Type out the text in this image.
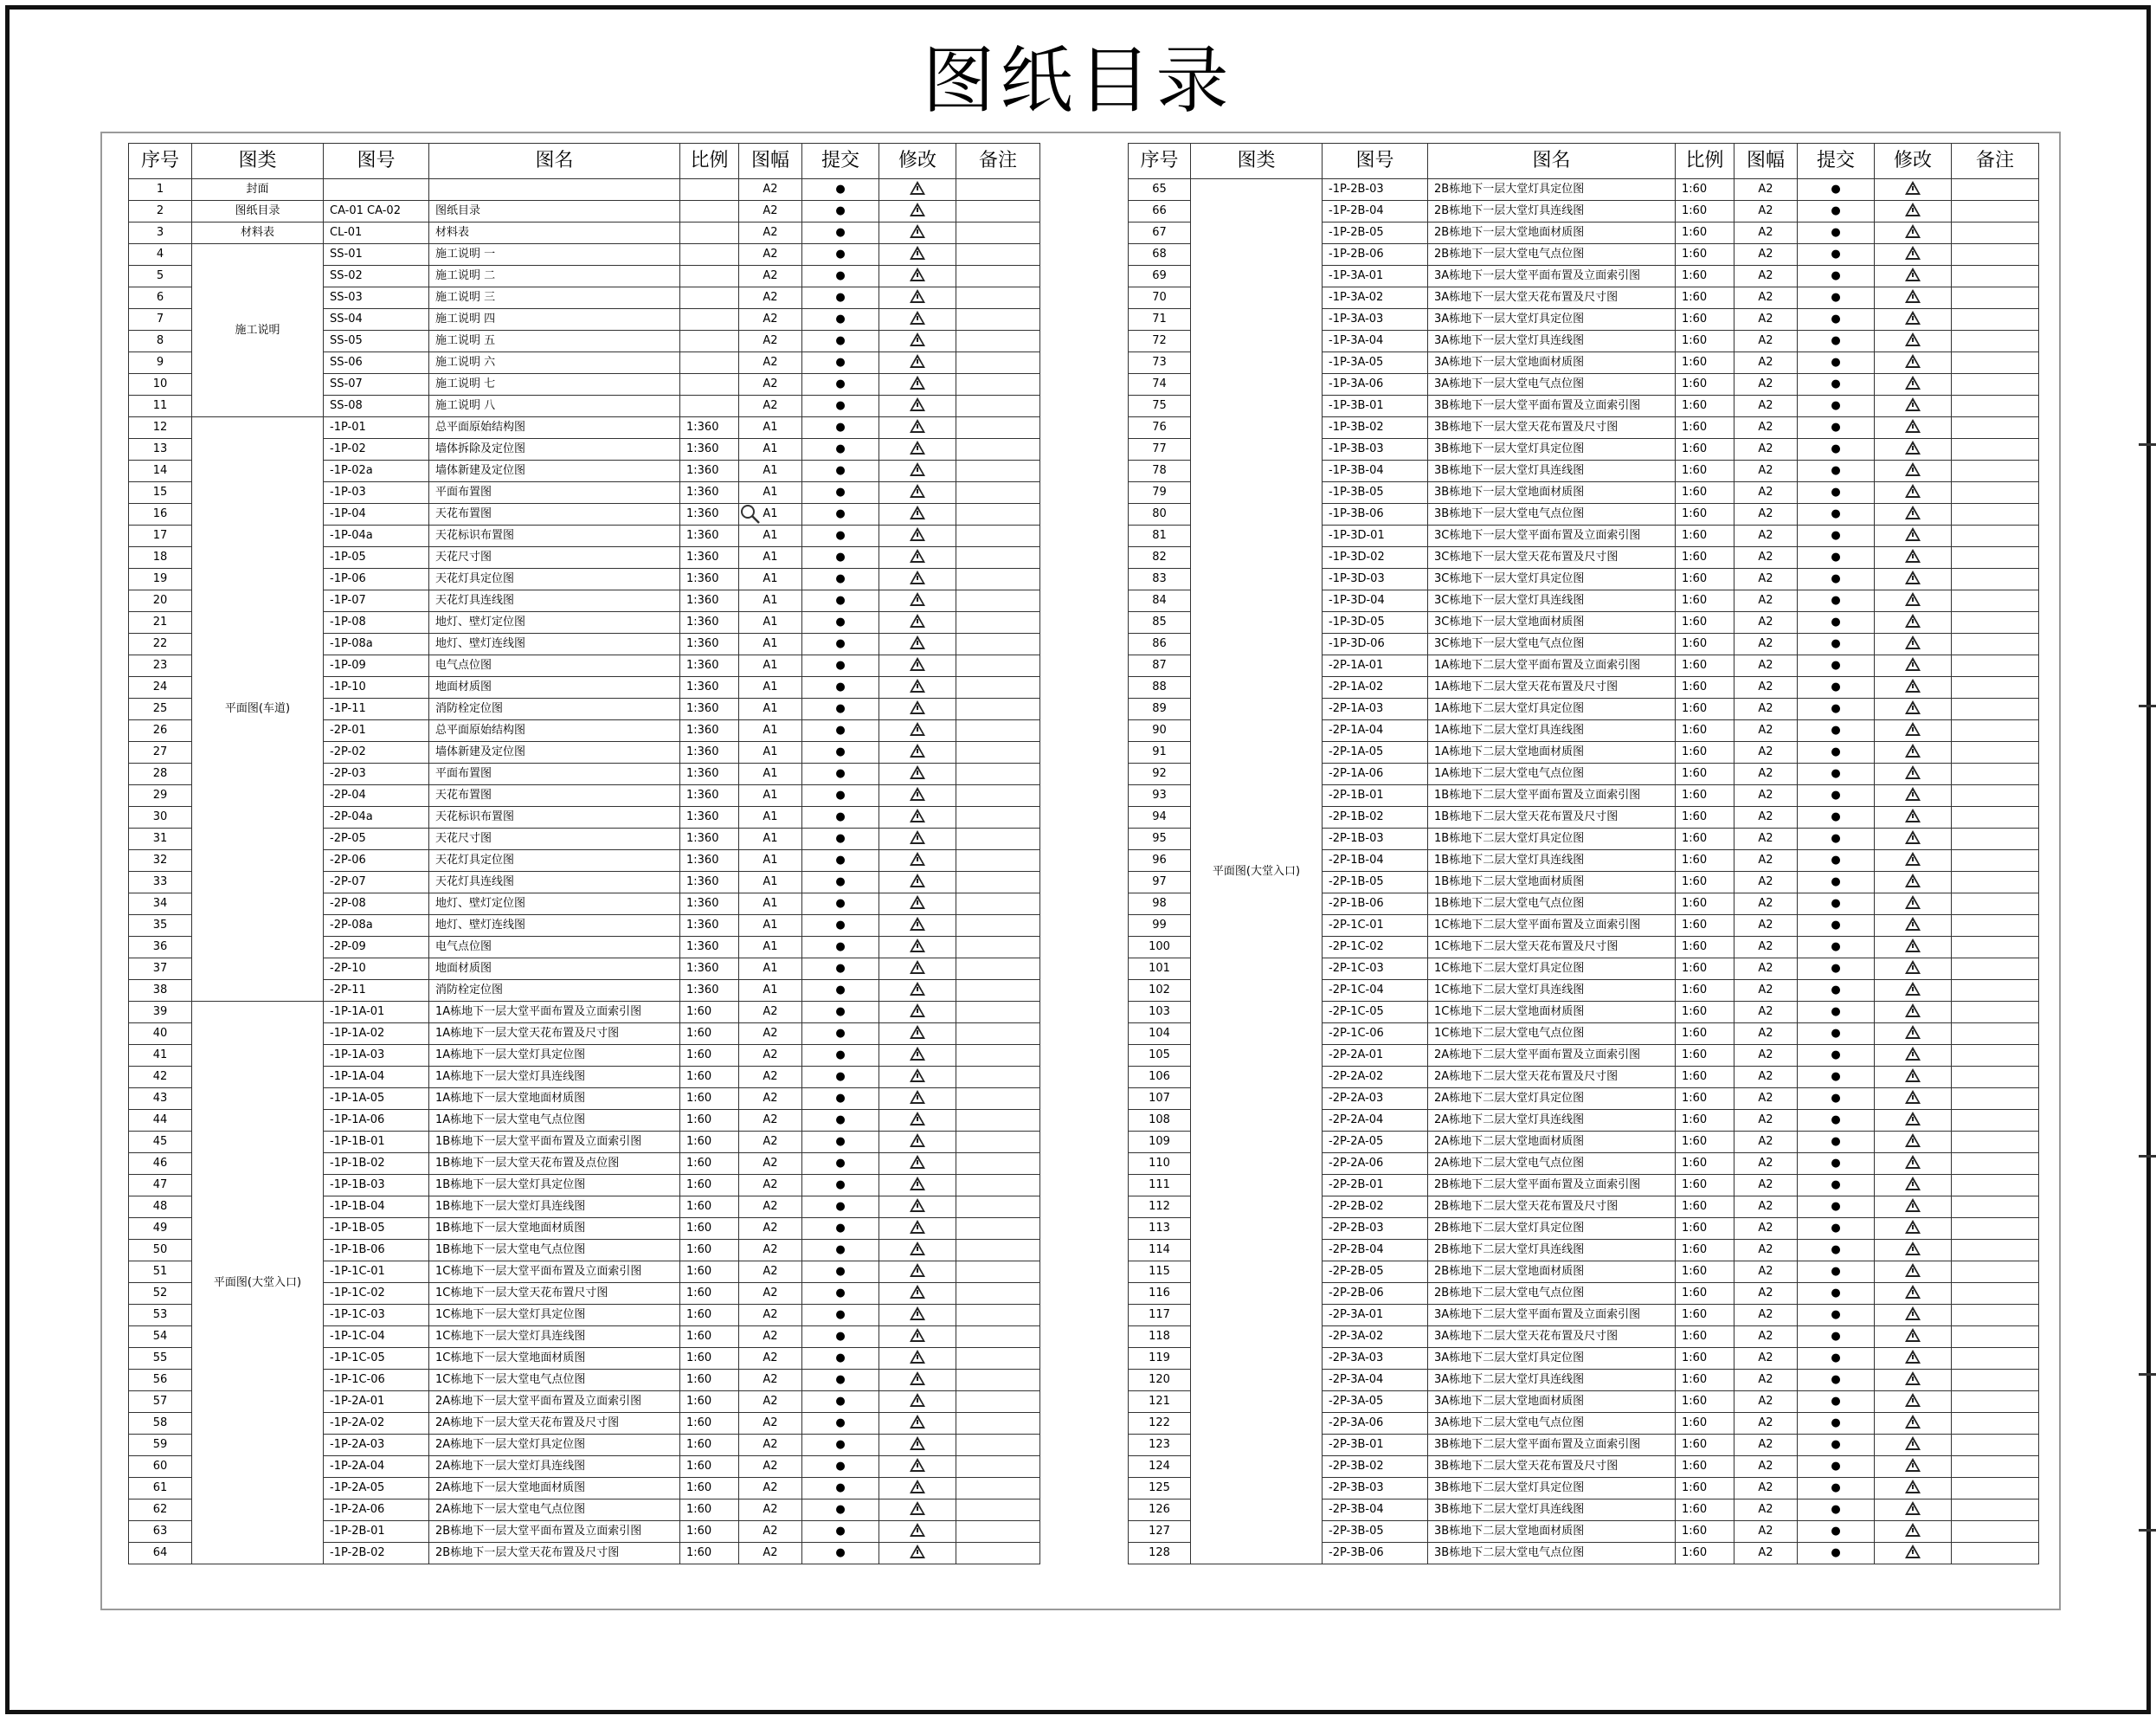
图纸目录
序号	图类	图号	图名	比例	图幅	提交	修改	备注
1	封面				A2	●		
2	图纸目录	CA-01 CA-02	图纸目录		A2	●		
3	材料表	CL-01	材料表		A2	●		
4	施工说明	SS-01	施工说明 一		A2	●		
5		SS-02	施工说明 二		A2	●		
6		SS-03	施工说明 三		A2	●		
7		SS-04	施工说明 四		A2	●		
8		SS-05	施工说明 五		A2	●		
9		SS-06	施工说明 六		A2	●		
10		SS-07	施工说明 七		A2	●		
11		SS-08	施工说明 八		A2	●		
12	平面图(车道)	-1P-01	总平面原始结构图	1:360	A1	●		
13		-1P-02	墙体拆除及定位图	1:360	A1	●		
14		-1P-02a	墙体新建及定位图	1:360	A1	●		
15		-1P-03	平面布置图	1:360	A1	●		
16		-1P-04	天花布置图	1:360	A1	●		
17		-1P-04a	天花标识布置图	1:360	A1	●		
18		-1P-05	天花尺寸图	1:360	A1	●		
19		-1P-06	天花灯具定位图	1:360	A1	●		
20		-1P-07	天花灯具连线图	1:360	A1	●		
21		-1P-08	地灯、壁灯定位图	1:360	A1	●		
22		-1P-08a	地灯、壁灯连线图	1:360	A1	●		
23		-1P-09	电气点位图	1:360	A1	●		
24		-1P-10	地面材质图	1:360	A1	●		
25		-1P-11	消防栓定位图	1:360	A1	●		
26		-2P-01	总平面原始结构图	1:360	A1	●		
27		-2P-02	墙体新建及定位图	1:360	A1	●		
28		-2P-03	平面布置图	1:360	A1	●		
29		-2P-04	天花布置图	1:360	A1	●		
30		-2P-04a	天花标识布置图	1:360	A1	●		
31		-2P-05	天花尺寸图	1:360	A1	●		
32		-2P-06	天花灯具定位图	1:360	A1	●		
33		-2P-07	天花灯具连线图	1:360	A1	●		
34		-2P-08	地灯、壁灯定位图	1:360	A1	●		
35		-2P-08a	地灯、壁灯连线图	1:360	A1	●		
36		-2P-09	电气点位图	1:360	A1	●		
37		-2P-10	地面材质图	1:360	A1	●		
38		-2P-11	消防栓定位图	1:360	A1	●		
39	平面图(大堂入口)	-1P-1A-01	1A栋地下一层大堂平面布置及立面索引图	1:60	A2	●		
40		-1P-1A-02	1A栋地下一层大堂天花布置及尺寸图	1:60	A2	●		
41		-1P-1A-03	1A栋地下一层大堂灯具定位图	1:60	A2	●		
42		-1P-1A-04	1A栋地下一层大堂灯具连线图	1:60	A2	●		
43		-1P-1A-05	1A栋地下一层大堂地面材质图	1:60	A2	●		
44		-1P-1A-06	1A栋地下一层大堂电气点位图	1:60	A2	●		
45		-1P-1B-01	1B栋地下一层大堂平面布置及立面索引图	1:60	A2	●		
46		-1P-1B-02	1B栋地下一层大堂天花布置及点位图	1:60	A2	●		
47		-1P-1B-03	1B栋地下一层大堂灯具定位图	1:60	A2	●		
48		-1P-1B-04	1B栋地下一层大堂灯具连线图	1:60	A2	●		
49		-1P-1B-05	1B栋地下一层大堂地面材质图	1:60	A2	●		
50		-1P-1B-06	1B栋地下一层大堂电气点位图	1:60	A2	●		
51		-1P-1C-01	1C栋地下一层大堂平面布置及立面索引图	1:60	A2	●		
52		-1P-1C-02	1C栋地下一层大堂天花布置尺寸图	1:60	A2	●		
53		-1P-1C-03	1C栋地下一层大堂灯具定位图	1:60	A2	●		
54		-1P-1C-04	1C栋地下一层大堂灯具连线图	1:60	A2	●		
55		-1P-1C-05	1C栋地下一层大堂地面材质图	1:60	A2	●		
56		-1P-1C-06	1C栋地下一层大堂电气点位图	1:60	A2	●		
57		-1P-2A-01	2A栋地下一层大堂平面布置及立面索引图	1:60	A2	●		
58		-1P-2A-02	2A栋地下一层大堂天花布置及尺寸图	1:60	A2	●		
59		-1P-2A-03	2A栋地下一层大堂灯具定位图	1:60	A2	●		
60		-1P-2A-04	2A栋地下一层大堂灯具连线图	1:60	A2	●		
61		-1P-2A-05	2A栋地下一层大堂地面材质图	1:60	A2	●		
62		-1P-2A-06	2A栋地下一层大堂电气点位图	1:60	A2	●		
63		-1P-2B-01	2B栋地下一层大堂平面布置及立面索引图	1:60	A2	●		
64		-1P-2B-02	2B栋地下一层大堂天花布置及尺寸图	1:60	A2	●		
序号	图类	图号	图名	比例	图幅	提交	修改	备注
65	平面图(大堂入口)	-1P-2B-03	2B栋地下一层大堂灯具定位图	1:60	A2	●		
66		-1P-2B-04	2B栋地下一层大堂灯具连线图	1:60	A2	●		
67		-1P-2B-05	2B栋地下一层大堂地面材质图	1:60	A2	●		
68		-1P-2B-06	2B栋地下一层大堂电气点位图	1:60	A2	●		
69		-1P-3A-01	3A栋地下一层大堂平面布置及立面索引图	1:60	A2	●		
70		-1P-3A-02	3A栋地下一层大堂天花布置及尺寸图	1:60	A2	●		
71		-1P-3A-03	3A栋地下一层大堂灯具定位图	1:60	A2	●		
72		-1P-3A-04	3A栋地下一层大堂灯具连线图	1:60	A2	●		
73		-1P-3A-05	3A栋地下一层大堂地面材质图	1:60	A2	●		
74		-1P-3A-06	3A栋地下一层大堂电气点位图	1:60	A2	●		
75		-1P-3B-01	3B栋地下一层大堂平面布置及立面索引图	1:60	A2	●		
76		-1P-3B-02	3B栋地下一层大堂天花布置及尺寸图	1:60	A2	●		
77		-1P-3B-03	3B栋地下一层大堂灯具定位图	1:60	A2	●		
78		-1P-3B-04	3B栋地下一层大堂灯具连线图	1:60	A2	●		
79		-1P-3B-05	3B栋地下一层大堂地面材质图	1:60	A2	●		
80		-1P-3B-06	3B栋地下一层大堂电气点位图	1:60	A2	●		
81		-1P-3D-01	3C栋地下一层大堂平面布置及立面索引图	1:60	A2	●		
82		-1P-3D-02	3C栋地下一层大堂天花布置及尺寸图	1:60	A2	●		
83		-1P-3D-03	3C栋地下一层大堂灯具定位图	1:60	A2	●		
84		-1P-3D-04	3C栋地下一层大堂灯具连线图	1:60	A2	●		
85		-1P-3D-05	3C栋地下一层大堂地面材质图	1:60	A2	●		
86		-1P-3D-06	3C栋地下一层大堂电气点位图	1:60	A2	●		
87		-2P-1A-01	1A栋地下二层大堂平面布置及立面索引图	1:60	A2	●		
88		-2P-1A-02	1A栋地下二层大堂天花布置及尺寸图	1:60	A2	●		
89		-2P-1A-03	1A栋地下二层大堂灯具定位图	1:60	A2	●		
90		-2P-1A-04	1A栋地下二层大堂灯具连线图	1:60	A2	●		
91		-2P-1A-05	1A栋地下二层大堂地面材质图	1:60	A2	●		
92		-2P-1A-06	1A栋地下二层大堂电气点位图	1:60	A2	●		
93		-2P-1B-01	1B栋地下二层大堂平面布置及立面索引图	1:60	A2	●		
94		-2P-1B-02	1B栋地下二层大堂天花布置及尺寸图	1:60	A2	●		
95		-2P-1B-03	1B栋地下二层大堂灯具定位图	1:60	A2	●		
96		-2P-1B-04	1B栋地下二层大堂灯具连线图	1:60	A2	●		
97		-2P-1B-05	1B栋地下二层大堂地面材质图	1:60	A2	●		
98		-2P-1B-06	1B栋地下二层大堂电气点位图	1:60	A2	●		
99		-2P-1C-01	1C栋地下二层大堂平面布置及立面索引图	1:60	A2	●		
100		-2P-1C-02	1C栋地下二层大堂天花布置及尺寸图	1:60	A2	●		
101		-2P-1C-03	1C栋地下二层大堂灯具定位图	1:60	A2	●		
102		-2P-1C-04	1C栋地下二层大堂灯具连线图	1:60	A2	●		
103		-2P-1C-05	1C栋地下二层大堂地面材质图	1:60	A2	●		
104		-2P-1C-06	1C栋地下二层大堂电气点位图	1:60	A2	●		
105		-2P-2A-01	2A栋地下二层大堂平面布置及立面索引图	1:60	A2	●		
106		-2P-2A-02	2A栋地下二层大堂天花布置及尺寸图	1:60	A2	●		
107		-2P-2A-03	2A栋地下二层大堂灯具定位图	1:60	A2	●		
108		-2P-2A-04	2A栋地下二层大堂灯具连线图	1:60	A2	●		
109		-2P-2A-05	2A栋地下二层大堂地面材质图	1:60	A2	●		
110		-2P-2A-06	2A栋地下二层大堂电气点位图	1:60	A2	●		
111		-2P-2B-01	2B栋地下二层大堂平面布置及立面索引图	1:60	A2	●		
112		-2P-2B-02	2B栋地下二层大堂天花布置及尺寸图	1:60	A2	●		
113		-2P-2B-03	2B栋地下二层大堂灯具定位图	1:60	A2	●		
114		-2P-2B-04	2B栋地下二层大堂灯具连线图	1:60	A2	●		
115		-2P-2B-05	2B栋地下二层大堂地面材质图	1:60	A2	●		
116		-2P-2B-06	2B栋地下二层大堂电气点位图	1:60	A2	●		
117		-2P-3A-01	3A栋地下二层大堂平面布置及立面索引图	1:60	A2	●		
118		-2P-3A-02	3A栋地下二层大堂天花布置及尺寸图	1:60	A2	●		
119		-2P-3A-03	3A栋地下二层大堂灯具定位图	1:60	A2	●		
120		-2P-3A-04	3A栋地下二层大堂灯具连线图	1:60	A2	●		
121		-2P-3A-05	3A栋地下二层大堂地面材质图	1:60	A2	●		
122		-2P-3A-06	3A栋地下二层大堂电气点位图	1:60	A2	●		
123		-2P-3B-01	3B栋地下二层大堂平面布置及立面索引图	1:60	A2	●		
124		-2P-3B-02	3B栋地下二层大堂天花布置及尺寸图	1:60	A2	●		
125		-2P-3B-03	3B栋地下二层大堂灯具定位图	1:60	A2	●		
126		-2P-3B-04	3B栋地下二层大堂灯具连线图	1:60	A2	●		
127		-2P-3B-05	3B栋地下二层大堂地面材质图	1:60	A2	●		
128		-2P-3B-06	3B栋地下二层大堂电气点位图	1:60	A2	●		
